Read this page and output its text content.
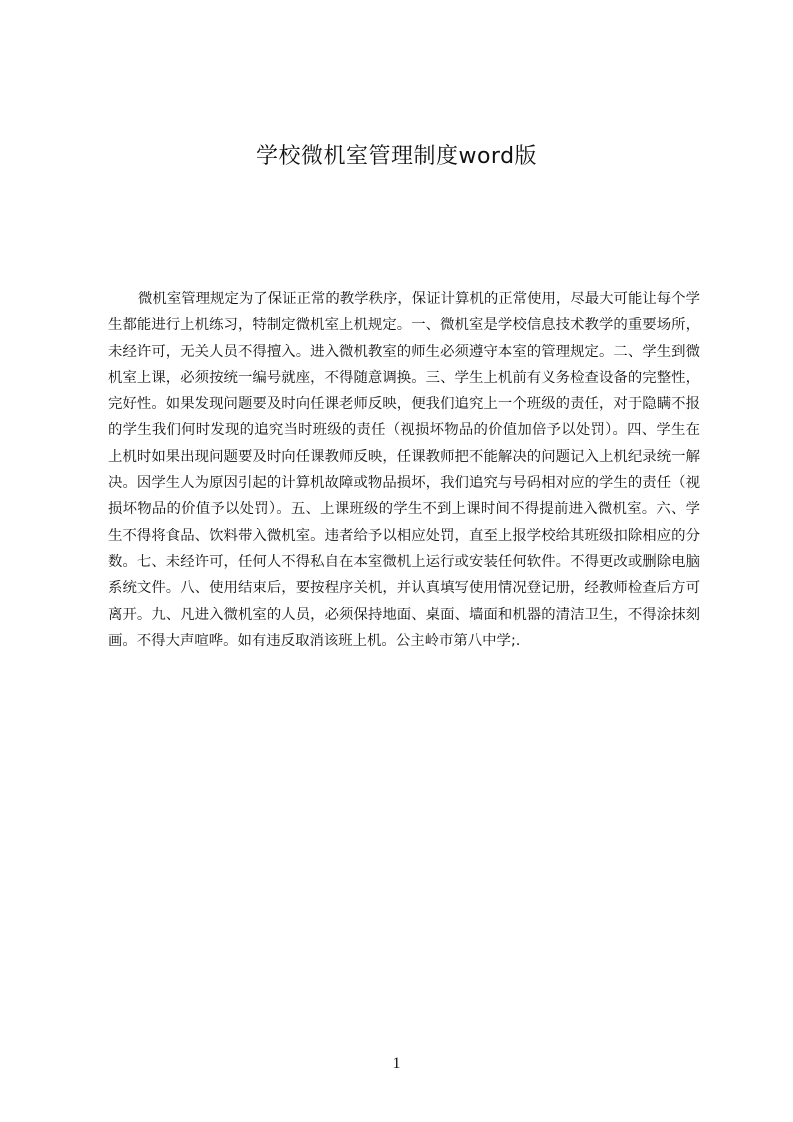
学校微机室管理制度word版

微机室管理规定为了保证正常的教学秩序，保证计算机的正常使用，尽最大可能让每个学生都能进行上机练习，特制定微机室上机规定。一、微机室是学校信息技术教学的重要场所，未经许可，无关人员不得擅入。进入微机教室的师生必须遵守本室的管理规定。二、学生到微机室上课，必须按统一编号就座，不得随意调换。三、学生上机前有义务检查设备的完整性，完好性。如果发现问题要及时向任课老师反映，便我们追究上一个班级的责任，对于隐瞒不报的学生我们何时发现的追究当时班级的责任（视损坏物品的价值加倍予以处罚）。四、学生在上机时如果出现问题要及时向任课教师反映，任课教师把不能解决的问题记入上机纪录统一解决。因学生人为原因引起的计算机故障或物品损坏，我们追究与号码相对应的学生的责任（视损坏物品的价值予以处罚）。五、上课班级的学生不到上课时间不得提前进入微机室。六、学生不得将食品、饮料带入微机室。违者给予以相应处罚，直至上报学校给其班级扣除相应的分数。七、未经许可，任何人不得私自在本室微机上运行或安装任何软件。不得更改或删除电脑系统文件。八、使用结束后，要按程序关机，并认真填写使用情况登记册，经教师检查后方可离开。九、凡进入微机室的人员，必须保持地面、桌面、墙面和机器的清洁卫生，不得涂抹刻画。不得大声喧哗。如有违反取消该班上机。公主岭市第八中学;.

1
